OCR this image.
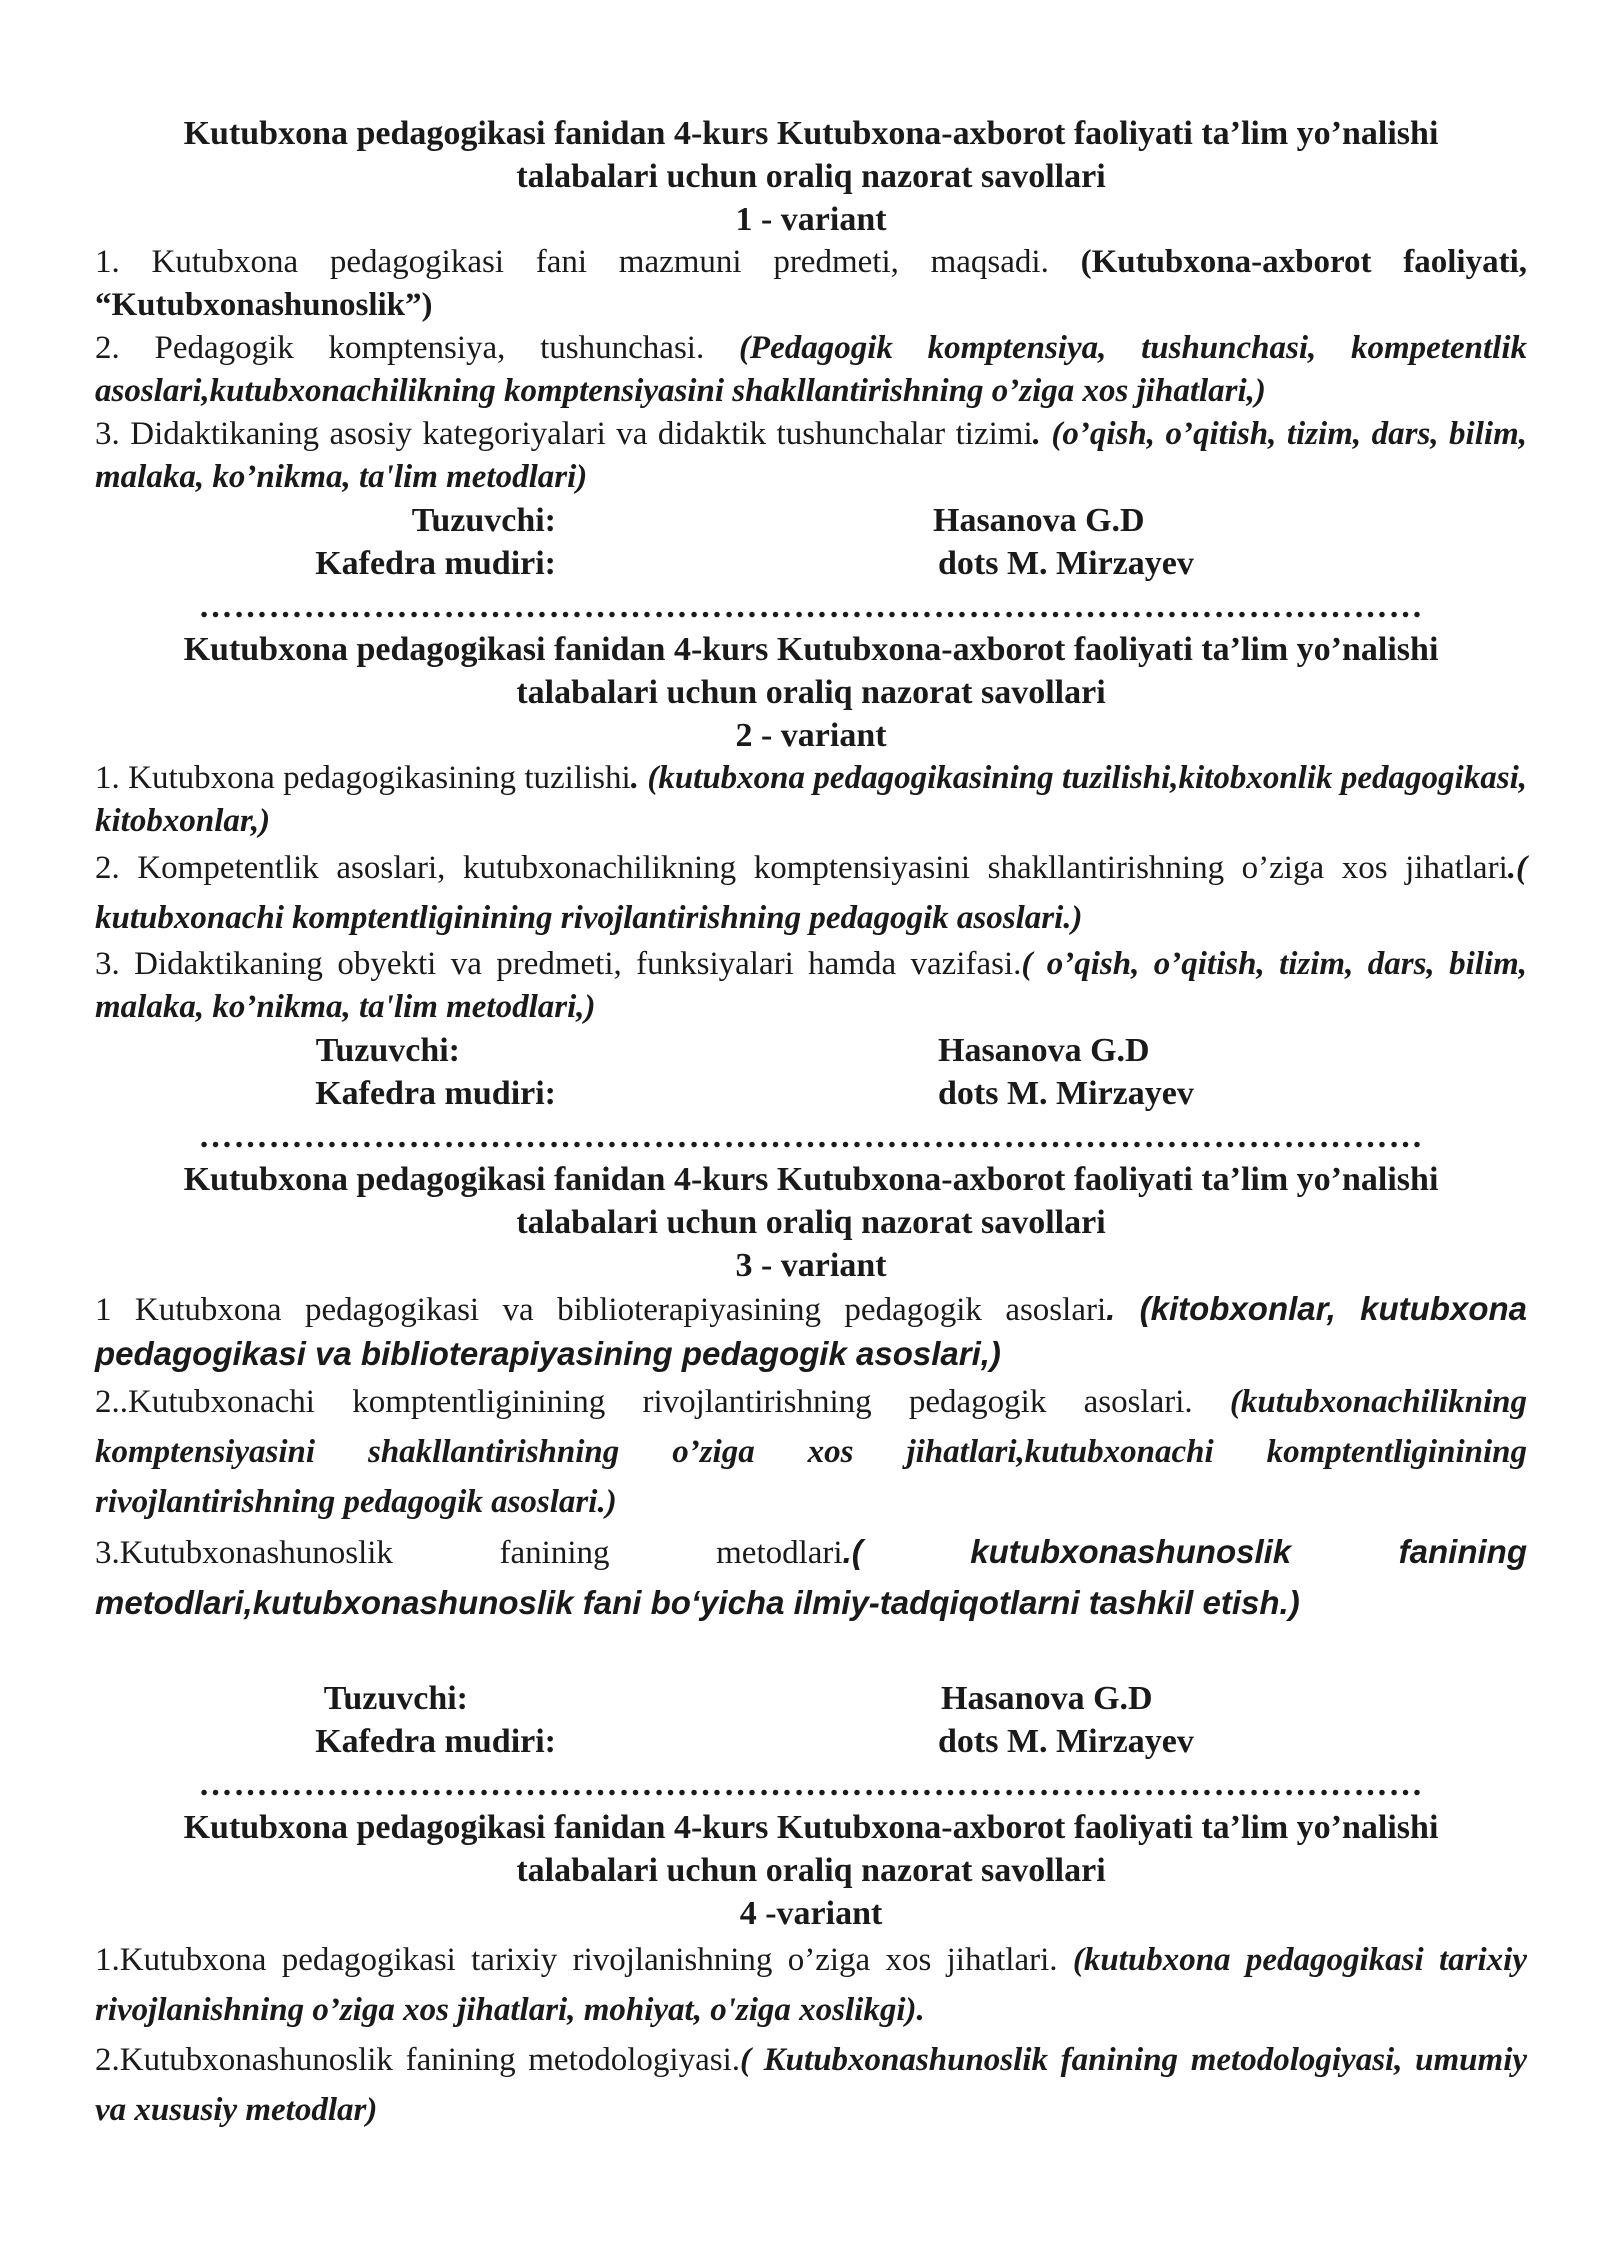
Kutubxona pedagogikasi fanidan 4-kurs Kutubxona-axborot faoliyati ta’lim yo’nalishi
talabalari uchun oraliq nazorat savollari
1 - variant

1. Kutubxona pedagogikasi fani mazmuni predmeti, maqsadi. (Kutubxona-axborot faoliyati, “Kutubxonashunoslik”)

2. Pedagogik komptensiya, tushunchasi. (Pedagogik komptensiya, tushunchasi, kompetentlik asoslari,kutubxonachilikning komptensiyasini shakllantirishning o’ziga xos jihatlari,)

3. Didaktikaning asosiy kategoriyalari va didaktik tushunchalar tizimi. (o’qish, o’qitish, tizim, dars, bilim, malaka, ko’nikma, ta'lim metodlari)

Tuzuvchi:	Hasanova G.D
Kafedra mudiri:	dots M. Mirzayev
……………………………………………………………………………………………
Kutubxona pedagogikasi fanidan 4-kurs Kutubxona-axborot faoliyati ta’lim yo’nalishi
talabalari uchun oraliq nazorat savollari
2 - variant

1. Kutubxona pedagogikasining tuzilishi. (kutubxona pedagogikasining tuzilishi,kitobxonlik pedagogikasi, kitobxonlar,)

2. Kompetentlik asoslari, kutubxonachilikning komptensiyasini shakllantirishning o’ziga xos jihatlari.( kutubxonachi komptentliginining rivojlantirishning pedagogik asoslari.)

3. Didaktikaning obyekti va predmeti, funksiyalari hamda vazifasi.( o’qish, o’qitish, tizim, dars, bilim, malaka, ko’nikma, ta'lim metodlari,)

Tuzuvchi:	Hasanova G.D
Kafedra mudiri:	dots M. Mirzayev
……………………………………………………………………………………………
Kutubxona pedagogikasi fanidan 4-kurs Kutubxona-axborot faoliyati ta’lim yo’nalishi
talabalari uchun oraliq nazorat savollari
3 - variant

1 Kutubxona pedagogikasi va biblioterapiyasining pedagogik asoslari. (kitobxonlar, kutubxona pedagogikasi va biblioterapiyasining pedagogik asoslari,)

2..Kutubxonachi komptentliginining rivojlantirishning pedagogik asoslari. (kutubxonachilikning komptensiyasini shakllantirishning o’ziga xos jihatlari,kutubxonachi komptentliginining rivojlantirishning pedagogik asoslari.)

3.Kutubxonashunoslik fanining metodlari.( kutubxonashunoslik fanining metodlari,kutubxonashunoslik fani bo‘yicha ilmiy-tadqiqotlarni tashkil etish.)

Tuzuvchi:	Hasanova G.D
Kafedra mudiri:	dots M. Mirzayev
……………………………………………………………………………………………
Kutubxona pedagogikasi fanidan 4-kurs Kutubxona-axborot faoliyati ta’lim yo’nalishi
talabalari uchun oraliq nazorat savollari
4 -variant

1.Kutubxona pedagogikasi tarixiy rivojlanishning o’ziga xos jihatlari. (kutubxona pedagogikasi tarixiy rivojlanishning o’ziga xos jihatlari, mohiyat, o'ziga xoslikgi).

2.Kutubxonashunoslik fanining metodologiyasi.( Kutubxonashunoslik fanining metodologiyasi, umumiy va xususiy metodlar)
